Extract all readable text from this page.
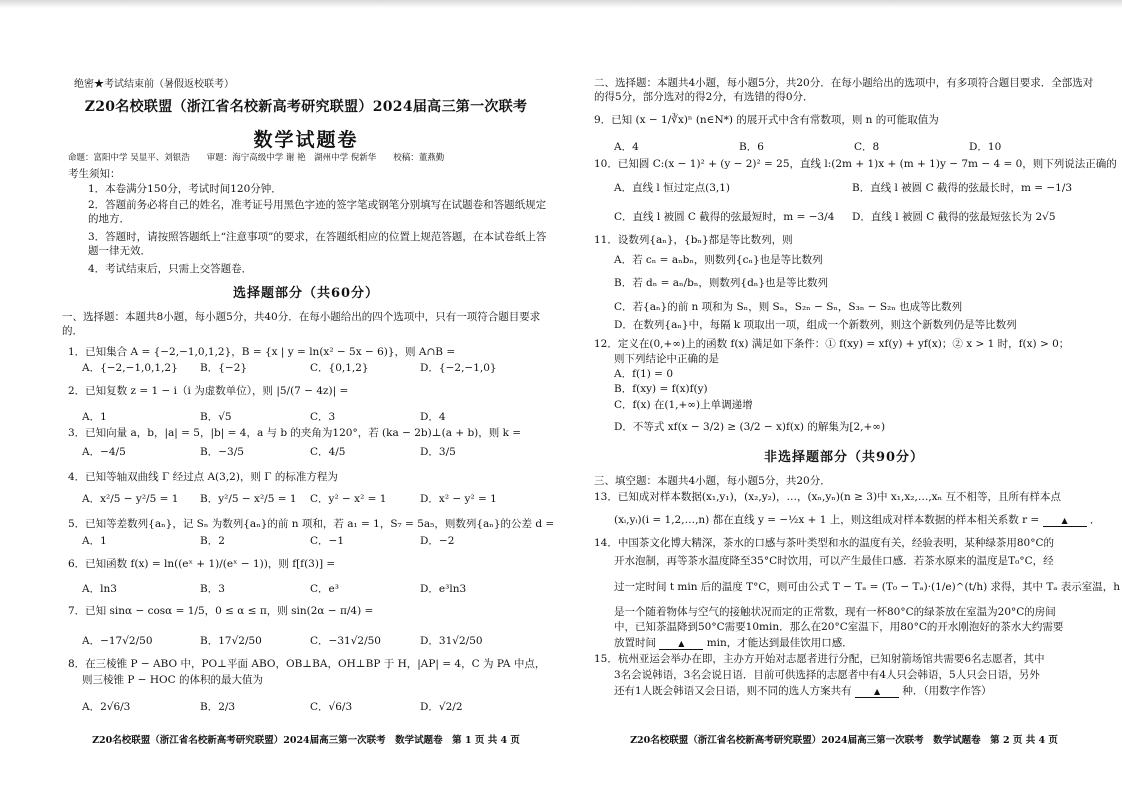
绝密★考试结束前（暑假返校联考）
Z20名校联盟（浙江省名校新高考研究联盟）2024届高三第一次联考
数学试题卷
命题：富阳中学 吴显平、刘银浩　　审题：海宁高级中学 谢 艳　湖州中学 倪新华　　校稿：董燕勤
考生须知：
1．本卷满分150分，考试时间120分钟．
2．答题前务必将自己的姓名，准考证号用黑色字迹的签字笔或钢笔分别填写在试题卷和答题纸规定的地方．
3．答题时，请按照答题纸上“注意事项”的要求，在答题纸相应的位置上规范答题，在本试卷纸上答题一律无效．
4．考试结束后，只需上交答题卷．
选择题部分（共60分）
一、选择题：本题共8小题，每小题5分，共40分．在每小题给出的四个选项中，只有一项符合题目要求的．
1．已知集合 A = {−2,−1,0,1,2}，B = {x | y = ln(x² − 5x − 6)}，则 A∩B =
A．{−2,−1,0,1,2}	B．{−2}	C．{0,1,2}	D．{−2,−1,0}
2．已知复数 z = 1 − i（i 为虚数单位），则 |5/(7 − 4z)| =
A．1	B．√5	C．3	D．4
3．已知向量 a，b，|a| = 5，|b| = 4，a 与 b 的夹角为120°，若 (ka − 2b)⊥(a + b)，则 k =
A．−4/5	B．−3/5	C．4/5	D．3/5
4．已知等轴双曲线 Γ 经过点 A(3,2)，则 Γ 的标准方程为
A．x²/5 − y²/5 = 1	B．y²/5 − x²/5 = 1	C．y² − x² = 1	D．x² − y² = 1
5．已知等差数列{aₙ}，记 Sₙ 为数列{aₙ}的前 n 项和，若 a₁ = 1，S₇ = 5a₅，则数列{aₙ}的公差 d =
A．1	B．2	C．−1	D．−2
6．已知函数 f(x) = ln((eˣ + 1)/(eˣ − 1))，则 f[f(3)] =
A．ln3	B．3	C．e³	D．e³ln3
7．已知 sinα − cosα = 1/5，0 ≤ α ≤ π，则 sin(2α − π/4) =
A．−17√2/50	B．17√2/50	C．−31√2/50	D．31√2/50
8．在三棱锥 P − ABO 中，PO⊥平面 ABO，OB⊥BA，OH⊥BP 于 H，|AP| = 4，C 为 PA 中点，
则三棱锥 P − HOC 的体积的最大值为
A．2√6/3	B．2/3	C．√6/3	D．√2/2
Z20名校联盟（浙江省名校新高考研究联盟）2024届高三第一次联考　数学试题卷　第 1 页 共 4 页
二、选择题：本题共4小题，每小题5分，共20分．在每小题给出的选项中，有多项符合题目要求．全部选对的得5分，部分选对的得2分，有选错的得0分．
9．已知 (x − 1/∛x)ⁿ (n∈N*) 的展开式中含有常数项，则 n 的可能取值为
A．4	B．6	C．8	D．10
10．已知圆 C:(x − 1)² + (y − 2)² = 25，直线 l:(2m + 1)x + (m + 1)y − 7m − 4 = 0，则下列说法正确的
A．直线 l 恒过定点(3,1)	B．直线 l 被圆 C 截得的弦最长时，m = −1/3
C．直线 l 被圆 C 截得的弦最短时，m = −3/4	D．直线 l 被圆 C 截得的弦最短弦长为 2√5
11．设数列{aₙ}，{bₙ}都是等比数列，则
A．若 cₙ = aₙbₙ，则数列{cₙ}也是等比数列
B．若 dₙ = aₙ/bₙ，则数列{dₙ}也是等比数列
C．若{aₙ}的前 n 项和为 Sₙ，则 Sₙ，S₂ₙ − Sₙ，S₃ₙ − S₂ₙ 也成等比数列
D．在数列{aₙ}中，每隔 k 项取出一项，组成一个新数列，则这个新数列仍是等比数列
12．定义在(0,+∞)上的函数 f(x) 满足如下条件：① f(xy) = xf(y) + yf(x)；② x > 1 时，f(x) > 0；
则下列结论中正确的是
A．f(1) = 0
B．f(xy) = f(x)f(y)
C．f(x) 在(1,+∞)上单调递增
D．不等式 xf(x − 3/2) ≥ (3/2 − x)f(x) 的解集为[2,+∞)
非选择题部分（共90分）
三、填空题：本题共4小题，每小题5分，共20分．
13．已知成对样本数据(x₁,y₁)，(x₂,y₂)，…，(xₙ,yₙ)(n ≥ 3)中 x₁,x₂,…,xₙ 互不相等，且所有样本点
(xᵢ,yᵢ)(i = 1,2,…,n) 都在直线 y = −½x + 1 上，则这组成对样本数据的样本相关系数 r =	▲ ．
14．中国茶文化博大精深，茶水的口感与茶叶类型和水的温度有关，经验表明，某种绿茶用80°C的
开水泡制，再等茶水温度降至35°C时饮用，可以产生最佳口感．若茶水原来的温度是T₀°C，经
过一定时间 t min 后的温度 T°C，则可由公式 T − Tₐ = (T₀ − Tₐ)·(1/e)^(t/h) 求得，其中 Tₐ 表示室温，h
是一个随着物体与空气的接触状况而定的正常数，现有一杯80°C的绿茶放在室温为20°C的房间
中，已知茶温降到50°C需要10min．那么在20°C室温下，用80°C的开水刚泡好的茶水大约需要
放置时间	▲ min，才能达到最佳饮用口感．
15．杭州亚运会举办在即，主办方开始对志愿者进行分配，已知射箭场馆共需要6名志愿者，其中
3名会说韩语，3名会说日语．目前可供选择的志愿者中有4人只会韩语，5人只会日语，另外
还有1人既会韩语又会日语，则不同的选人方案共有	▲ 种．（用数字作答）
Z20名校联盟（浙江省名校新高考研究联盟）2024届高三第一次联考　数学试题卷　第 2 页 共 4 页
